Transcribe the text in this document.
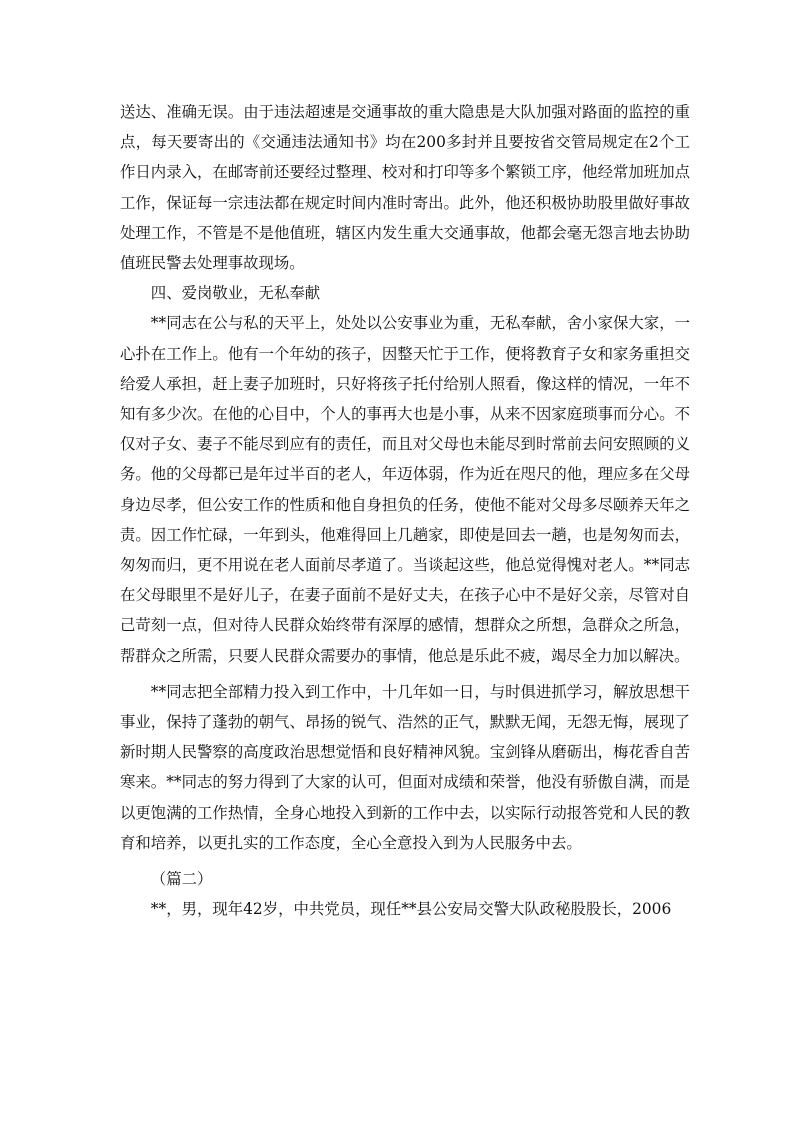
送达、准确无误。由于违法超速是交通事故的重大隐患是大队加强对路面的监控的重点，每天要寄出的《交通违法通知书》均在200多封并且要按省交管局规定在2个工作日内录入，在邮寄前还要经过整理、校对和打印等多个繁锁工序，他经常加班加点工作，保证每一宗违法都在规定时间内准时寄出。此外，他还积极协助股里做好事故处理工作，不管是不是他值班，辖区内发生重大交通事故，他都会毫无怨言地去协助值班民警去处理事故现场。

四、爱岗敬业，无私奉献

**同志在公与私的天平上，处处以公安事业为重，无私奉献，舍小家保大家，一心扑在工作上。他有一个年幼的孩子，因整天忙于工作，便将教育子女和家务重担交给爱人承担，赶上妻子加班时，只好将孩子托付给别人照看，像这样的情况，一年不知有多少次。在他的心目中，个人的事再大也是小事，从来不因家庭琐事而分心。不仅对子女、妻子不能尽到应有的责任，而且对父母也未能尽到时常前去问安照顾的义务。他的父母都已是年过半百的老人，年迈体弱，作为近在咫尺的他，理应多在父母身边尽孝，但公安工作的性质和他自身担负的任务，使他不能对父母多尽颐养天年之责。因工作忙碌，一年到头，他难得回上几趟家，即使是回去一趟，也是匆匆而去，匆匆而归，更不用说在老人面前尽孝道了。当谈起这些，他总觉得愧对老人。**同志在父母眼里不是好儿子，在妻子面前不是好丈夫，在孩子心中不是好父亲，尽管对自己苛刻一点，但对待人民群众始终带有深厚的感情，想群众之所想，急群众之所急，帮群众之所需，只要人民群众需要办的事情，他总是乐此不疲，竭尽全力加以解决。

**同志把全部精力投入到工作中，十几年如一日，与时俱进抓学习，解放思想干事业，保持了蓬勃的朝气、昂扬的锐气、浩然的正气，默默无闻，无怨无悔，展现了新时期人民警察的高度政治思想觉悟和良好精神风貌。宝剑锋从磨砺出，梅花香自苦寒来。**同志的努力得到了大家的认可，但面对成绩和荣誉，他没有骄傲自满，而是以更饱满的工作热情，全身心地投入到新的工作中去，以实际行动报答党和人民的教育和培养，以更扎实的工作态度，全心全意投入到为人民服务中去。

（篇二）

**，男，现年42岁，中共党员，现任**县公安局交警大队政秘股股长，2006
